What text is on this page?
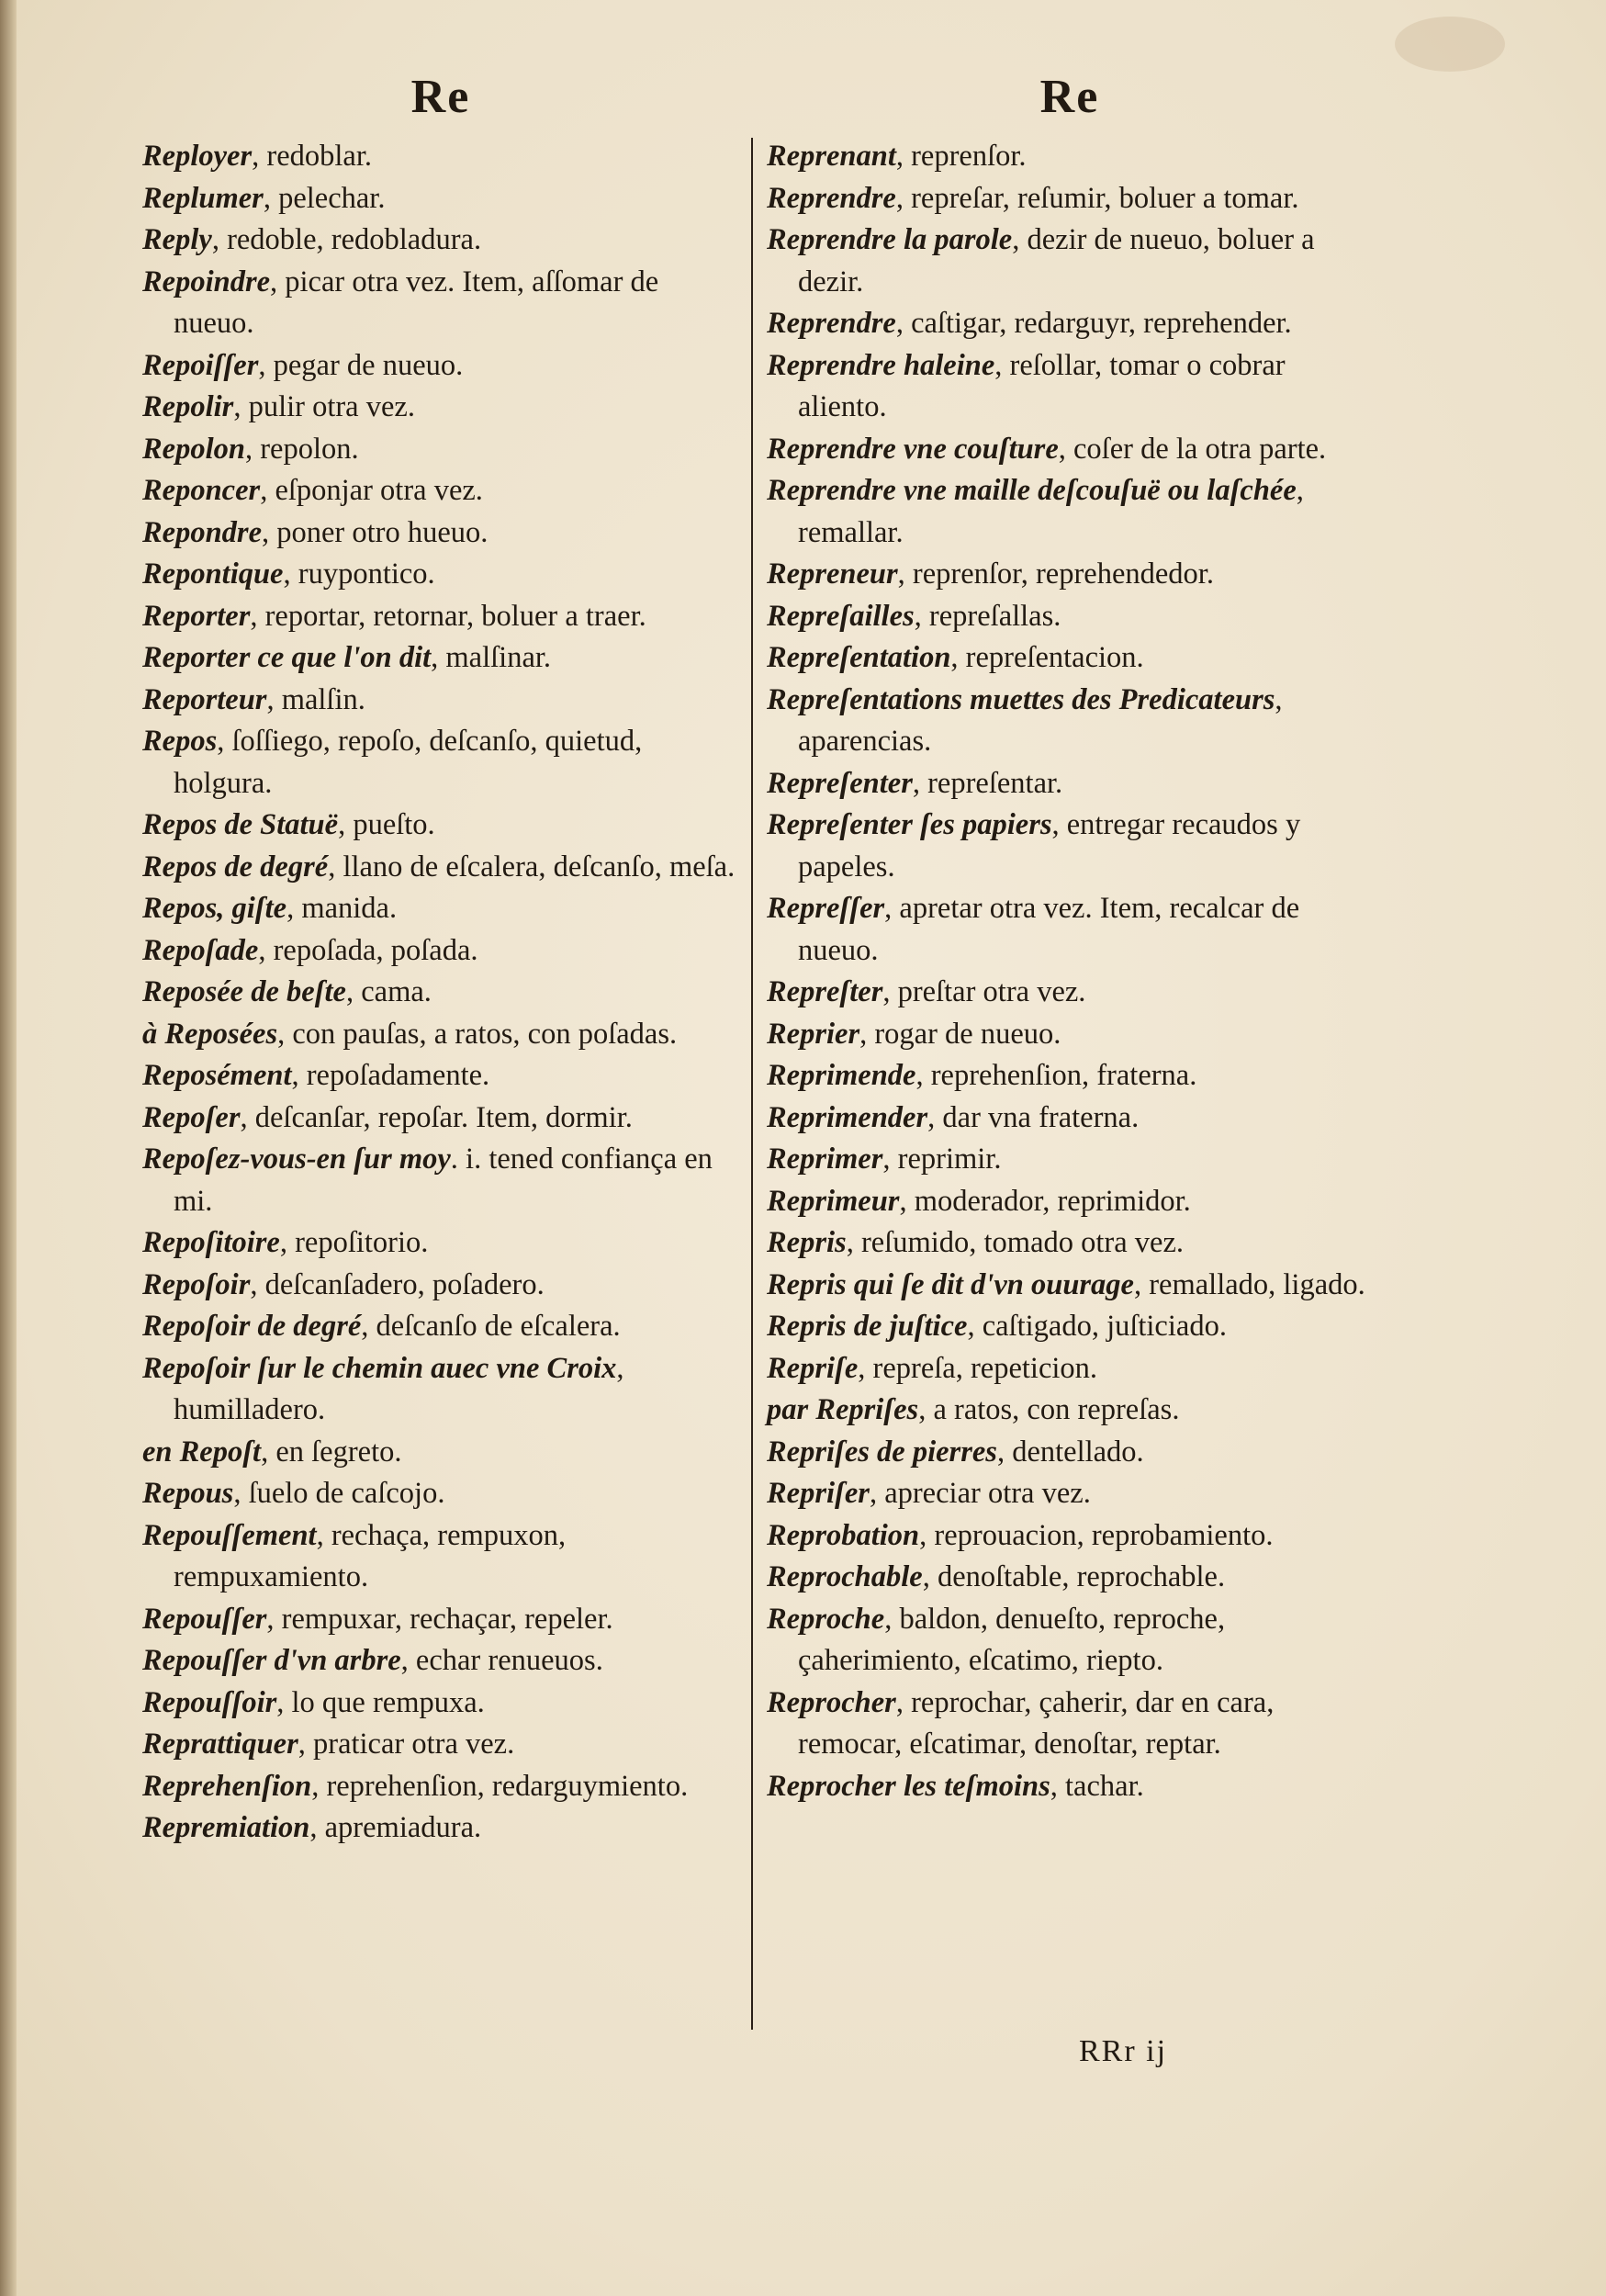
Re
Reployer, redoblar.
Replumer, pelechar.
Reply, redoble, redobladura.
Repoindre, picar otra vez. Item, aſſomar de nueuo.
Repoiſſer, pegar de nueuo.
Repolir, pulir otra vez.
Repolon, repolon.
Reponcer, eſponjar otra vez.
Repondre, poner otro hueuo.
Repontique, ruypontico.
Reporter, reportar, retornar, boluer a traer.
Reporter ce que l'on dit, malſinar.
Reporteur, malſin.
Repos, ſoſſiego, repoſo, deſcanſo, quietud, holgura.
Repos de Statuë, pueſto.
Repos de degré, llano de eſcalera, deſcanſo, meſa.
Repos, giſte, manida.
Repoſade, repoſada, poſada.
Reposée de beſte, cama.
à Reposées, con pauſas, a ratos, con poſadas.
Reposément, repoſadamente.
Repoſer, deſcanſar, repoſar. Item, dormir.
Repoſez-vous-en ſur moy. i. tened confiança en mi.
Repoſitoire, repoſitorio.
Repoſoir, deſcanſadero, poſadero.
Repoſoir de degré, deſcanſo de eſcalera.
Repoſoir ſur le chemin auec vne Croix, humilladero.
en Repoſt, en ſegreto.
Repous, ſuelo de caſcojo.
Repouſſement, rechaça, rempuxon, rempuxamiento.
Repouſſer, rempuxar, rechaçar, repeler.
Repouſſer d'vn arbre, echar renueuos.
Repouſſoir, lo que rempuxa.
Reprattiquer, praticar otra vez.
Reprehenſion, reprehenſion, redarguymiento.
Repremiation, apremiadura.
Re
Reprenant, reprenſor.
Reprendre, repreſar, reſumir, boluer a tomar.
Reprendre la parole, dezir de nueuo, boluer a dezir.
Reprendre, caſtigar, redarguyr, reprehender.
Reprendre haleine, reſollar, tomar o cobrar aliento.
Reprendre vne couſture, coſer de la otra parte.
Reprendre vne maille deſcouſuë ou laſchée, remallar.
Repreneur, reprenſor, reprehendedor.
Repreſailles, repreſallas.
Repreſentation, repreſentacion.
Repreſentations muettes des Predicateurs, aparencias.
Repreſenter, repreſentar.
Repreſenter ſes papiers, entregar recaudos y papeles.
Repreſſer, apretar otra vez. Item, recalcar de nueuo.
Repreſter, preſtar otra vez.
Reprier, rogar de nueuo.
Reprimende, reprehenſion, fraterna.
Reprimender, dar vna fraterna.
Reprimer, reprimir.
Reprimeur, moderador, reprimidor.
Repris, reſumido, tomado otra vez.
Repris qui ſe dit d'vn ouurage, remallado, ligado.
Repris de juſtice, caſtigado, juſticiado.
Repriſe, repreſa, repeticion.
par Repriſes, a ratos, con repreſas.
Repriſes de pierres, dentellado.
Repriſer, apreciar otra vez.
Reprobation, reprouacion, reprobamiento.
Reprochable, denoſtable, reprochable.
Reproche, baldon, denueſto, reproche, çaherimiento, eſcatimo, riepto.
Reprocher, reprochar, çaherir, dar en cara, remocar, eſcatimar, denoſtar, reptar.
Reprocher les teſmoins, tachar.
RRr ij
